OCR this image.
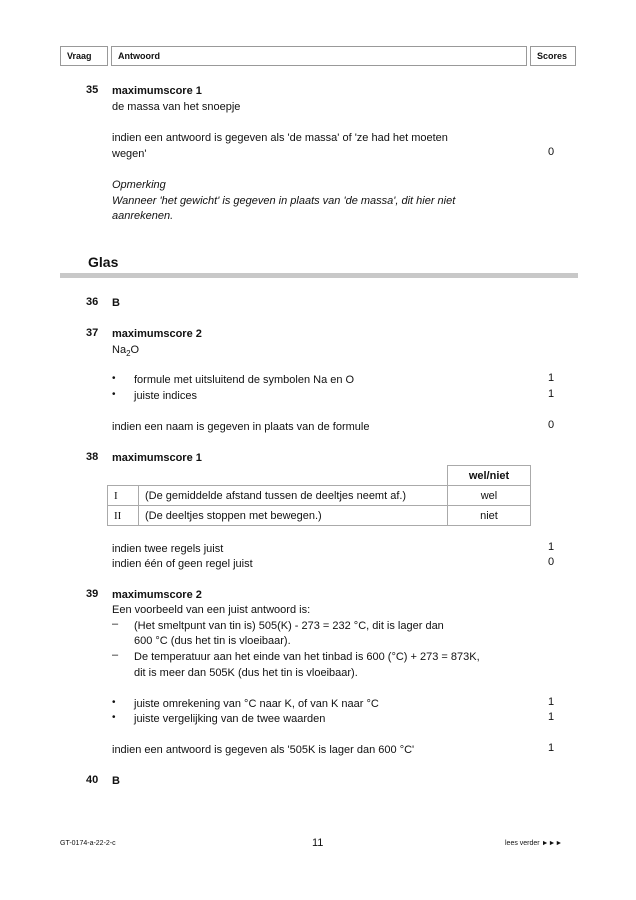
Vraag	Antwoord	Scores
35 maximumscore 1
de massa van het snoepje
indien een antwoord is gegeven als 'de massa' of 'ze had het moeten
wegen'	0
Opmerking
Wanneer 'het gewicht' is gegeven in plaats van 'de massa', dit hier niet
aanrekenen.
Glas
36 B
37 maximumscore 2
$Na_2O$
• formule met uitsluitend de symbolen Na en O	1
• juiste indices	1
indien een naam is gegeven in plaats van de formule	0
38 maximumscore 1
		wel/niet
I	(De gemiddelde afstand tussen de deeltjes neemt af.)	wel
II	(De deeltjes stoppen met bewegen.)	niet
indien twee regels juist	1
indien één of geen regel juist	0
39 maximumscore 2
Een voorbeeld van een juist antwoord is:
– (Het smeltpunt van tin is) 505(K) - 273 = 232 °C, dit is lager dan
600 °C (dus het tin is vloeibaar).
– De temperatuur aan het einde van het tinbad is 600 (°C) + 273 = 873K,
dit is meer dan 505K (dus het tin is vloeibaar).
• juiste omrekening van °C naar K, of van K naar °C	1
• juiste vergelijking van de twee waarden	1
indien een antwoord is gegeven als '505K is lager dan 600 °C'	1
40 B
GT-0174-a-22-2-c	11	lees verder ►►►
